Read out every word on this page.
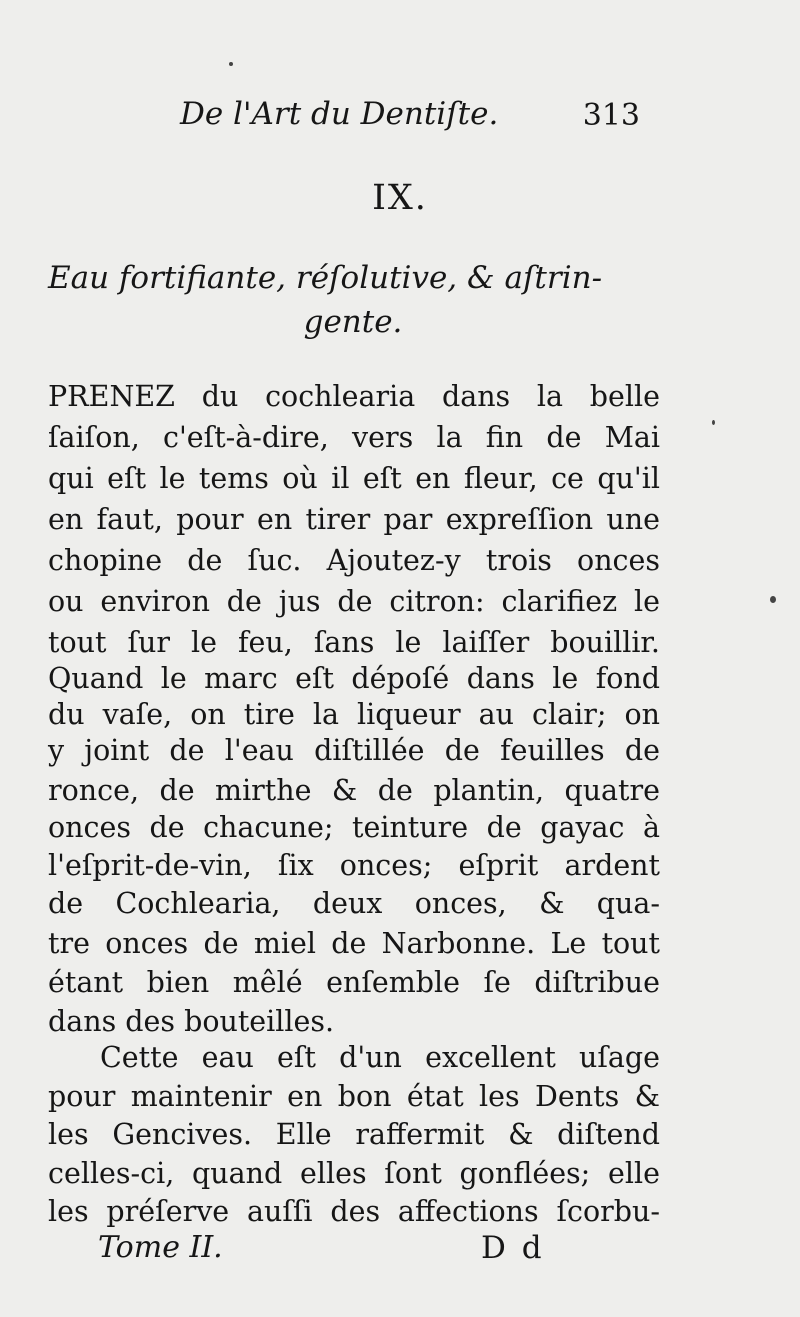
De l'Art du Dentiſte.	313
IX.
Eau fortifiante, réſolutive, & aſtrin-
gente.
PRENEZ du cochlearia dans la belle
ſaiſon, c'eſt-à-dire, vers la fin de Mai
qui eſt le tems où il eſt en fleur, ce qu'il
en faut, pour en tirer par expreſſion une
chopine de ſuc. Ajoutez-y trois onces
ou environ de jus de citron: clarifiez le
tout ſur le feu, ſans le laiſſer bouillir.
Quand le marc eſt dépoſé dans le fond
du vaſe, on tire la liqueur au clair; on
y joint de l'eau diſtillée de feuilles de
ronce, de mirthe & de plantin, quatre
onces de chacune; teinture de gayac à
l'eſprit-de-vin, ſix onces; eſprit ardent
de Cochlearia, deux onces, & qua-
tre onces de miel de Narbonne. Le tout
étant bien mêlé enſemble ſe diſtribue
dans des bouteilles.
Cette eau eſt d'un excellent uſage
pour maintenir en bon état les Dents &
les Gencives. Elle raffermit & diſtend
celles-ci, quand elles ſont gonflées; elle
les préſerve auſſi des affections ſcorbu-
Tome II.	D d
